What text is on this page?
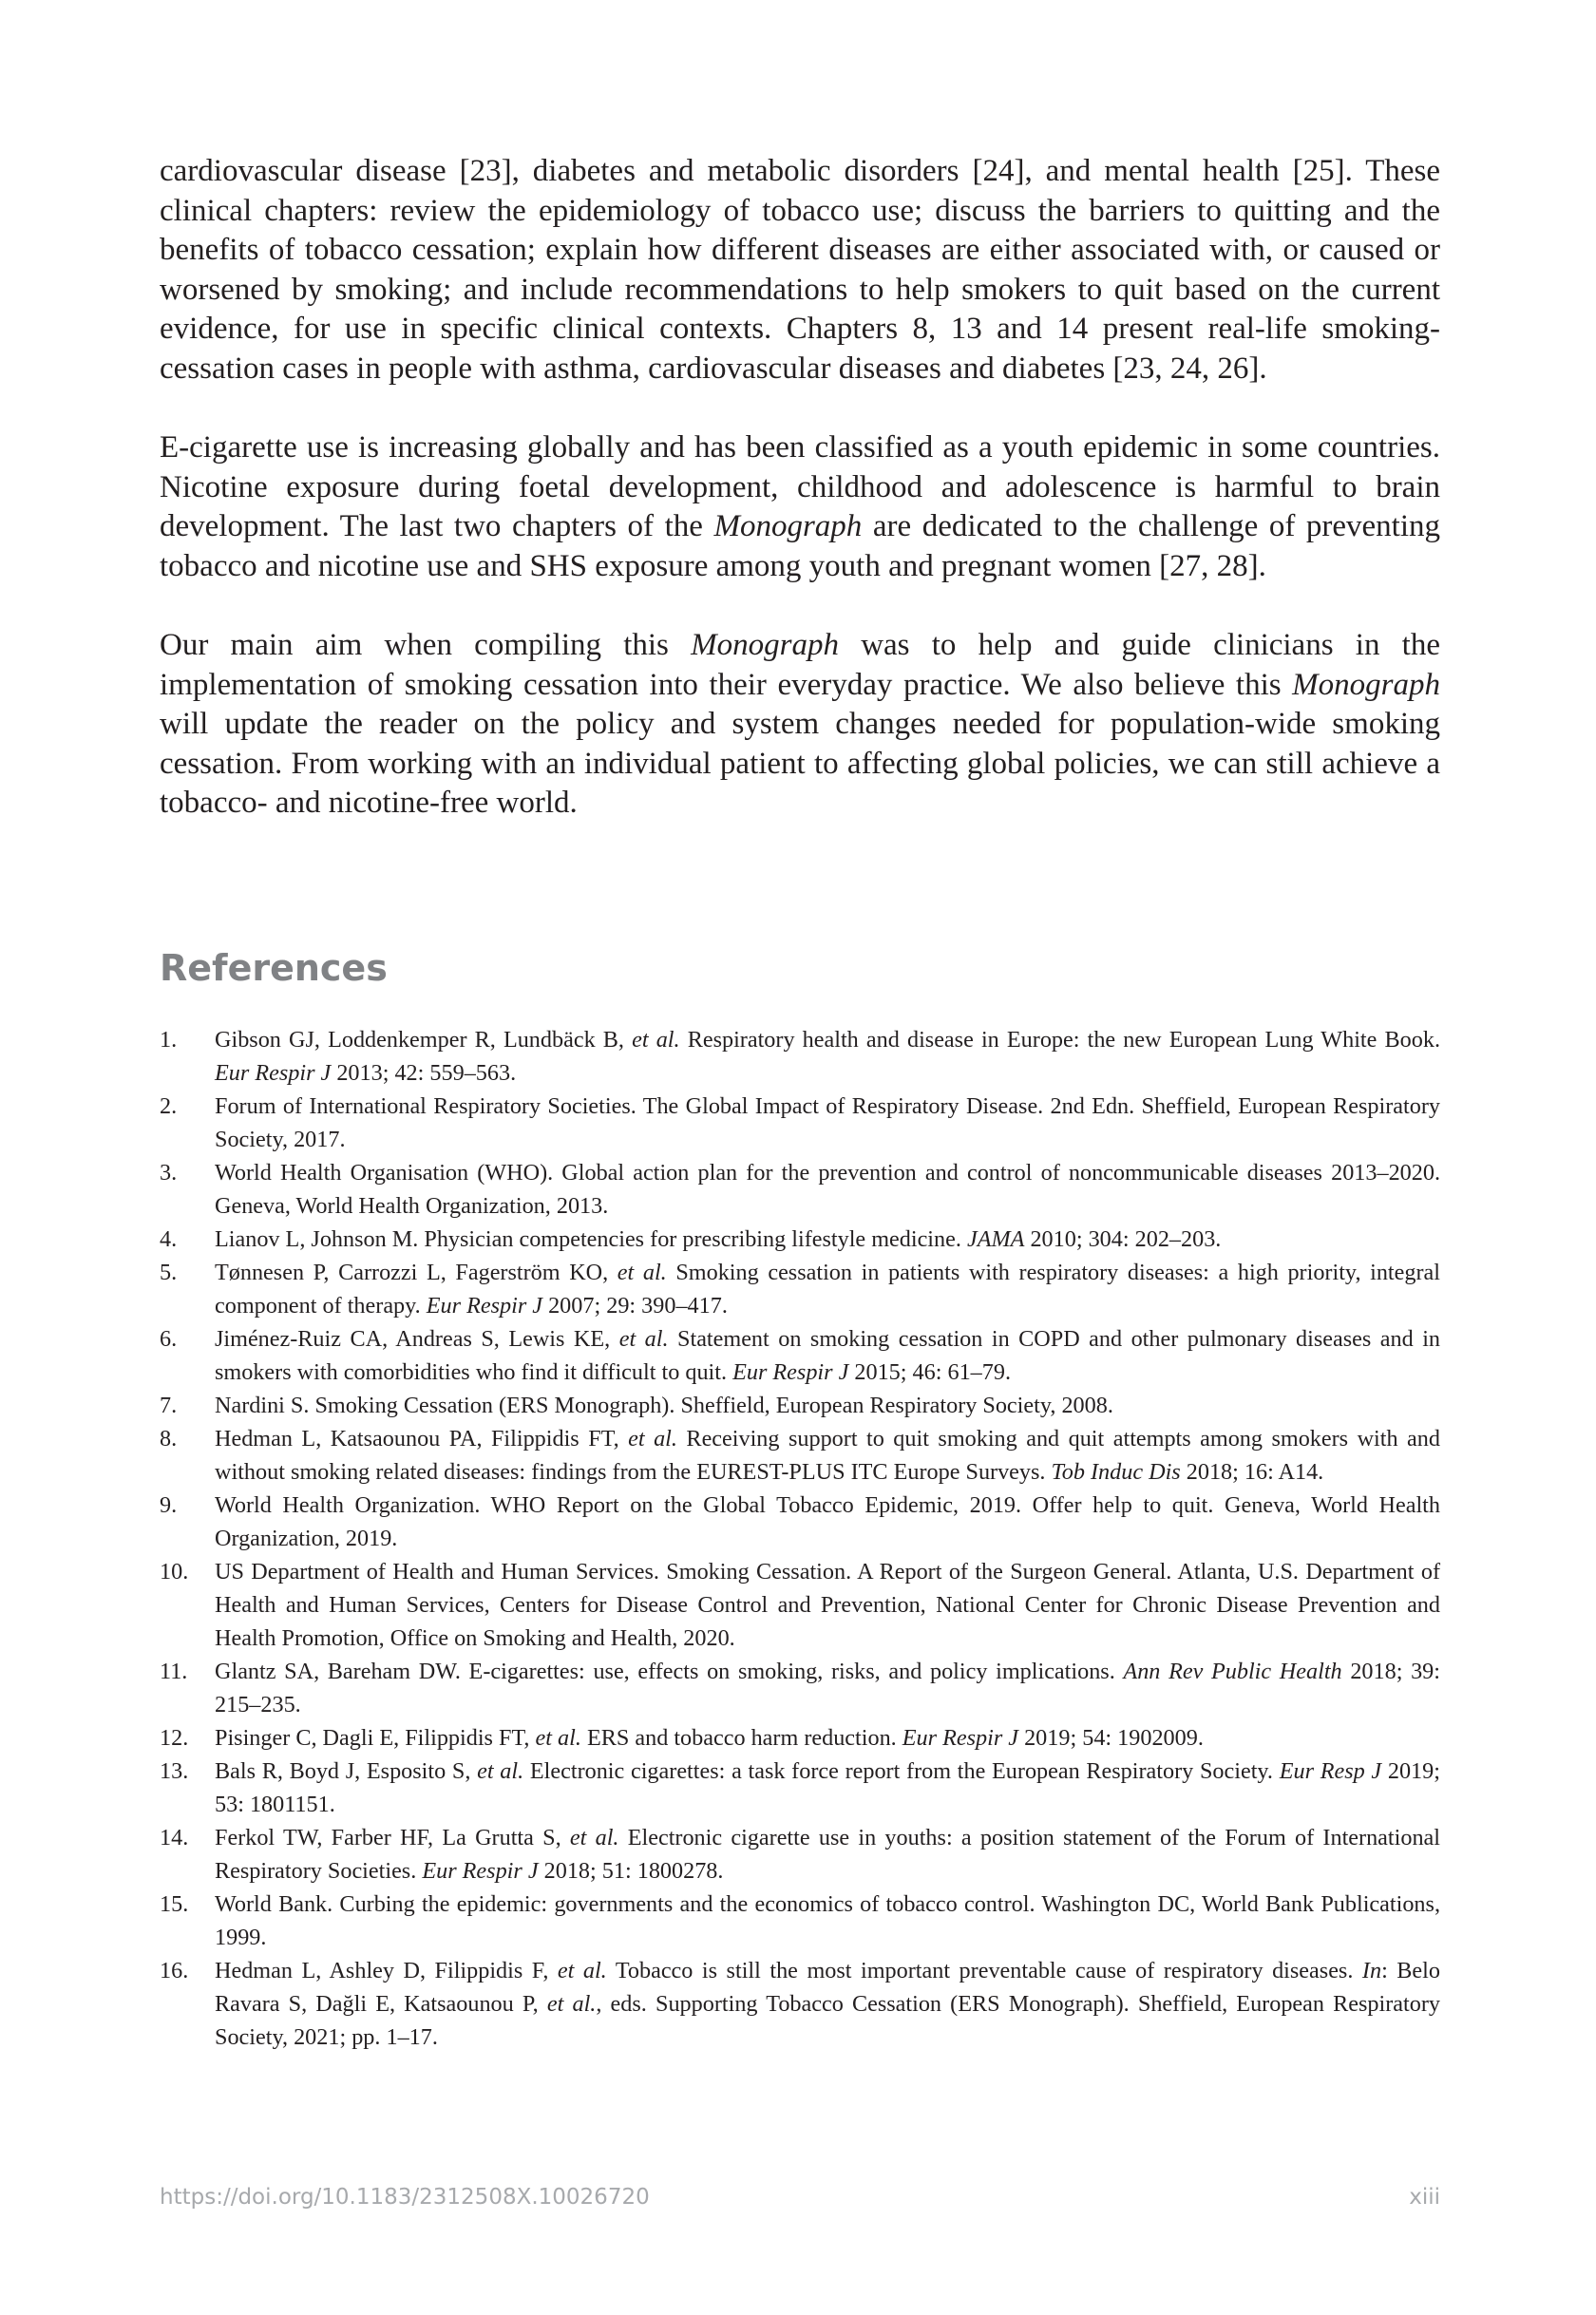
cardiovascular disease [23], diabetes and metabolic disorders [24], and mental health [25]. These clinical chapters: review the epidemiology of tobacco use; discuss the barriers to quitting and the benefits of tobacco cessation; explain how different diseases are either associated with, or caused or worsened by smoking; and include recommendations to help smokers to quit based on the current evidence, for use in specific clinical contexts. Chapters 8, 13 and 14 present real-life smoking-cessation cases in people with asthma, cardiovascular diseases and diabetes [23, 24, 26].

E-cigarette use is increasing globally and has been classified as a youth epidemic in some countries. Nicotine exposure during foetal development, childhood and adolescence is harmful to brain development. The last two chapters of the Monograph are dedicated to the challenge of preventing tobacco and nicotine use and SHS exposure among youth and pregnant women [27, 28].

Our main aim when compiling this Monograph was to help and guide clinicians in the implementation of smoking cessation into their everyday practice. We also believe this Monograph will update the reader on the policy and system changes needed for population-wide smoking cessation. From working with an individual patient to affecting global policies, we can still achieve a tobacco- and nicotine-free world.

References
1.	Gibson GJ, Loddenkemper R, Lundbäck B, et al. Respiratory health and disease in Europe: the new European Lung White Book. Eur Respir J 2013; 42: 559–563.
2.	Forum of International Respiratory Societies. The Global Impact of Respiratory Disease. 2nd Edn. Sheffield, European Respiratory Society, 2017.
3.	World Health Organisation (WHO). Global action plan for the prevention and control of noncommunicable diseases 2013–2020. Geneva, World Health Organization, 2013.
4.	Lianov L, Johnson M. Physician competencies for prescribing lifestyle medicine. JAMA 2010; 304: 202–203.
5.	Tønnesen P, Carrozzi L, Fagerström KO, et al. Smoking cessation in patients with respiratory diseases: a high priority, integral component of therapy. Eur Respir J 2007; 29: 390–417.
6.	Jiménez-Ruiz CA, Andreas S, Lewis KE, et al. Statement on smoking cessation in COPD and other pulmonary diseases and in smokers with comorbidities who find it difficult to quit. Eur Respir J 2015; 46: 61–79.
7.	Nardini S. Smoking Cessation (ERS Monograph). Sheffield, European Respiratory Society, 2008.
8.	Hedman L, Katsaounou PA, Filippidis FT, et al. Receiving support to quit smoking and quit attempts among smokers with and without smoking related diseases: findings from the EUREST-PLUS ITC Europe Surveys. Tob Induc Dis 2018; 16: A14.
9.	World Health Organization. WHO Report on the Global Tobacco Epidemic, 2019. Offer help to quit. Geneva, World Health Organization, 2019.
10.	US Department of Health and Human Services. Smoking Cessation. A Report of the Surgeon General. Atlanta, U.S. Department of Health and Human Services, Centers for Disease Control and Prevention, National Center for Chronic Disease Prevention and Health Promotion, Office on Smoking and Health, 2020.
11.	Glantz SA, Bareham DW. E-cigarettes: use, effects on smoking, risks, and policy implications. Ann Rev Public Health 2018; 39: 215–235.
12.	Pisinger C, Dagli E, Filippidis FT, et al. ERS and tobacco harm reduction. Eur Respir J 2019; 54: 1902009.
13.	Bals R, Boyd J, Esposito S, et al. Electronic cigarettes: a task force report from the European Respiratory Society. Eur Resp J 2019; 53: 1801151.
14.	Ferkol TW, Farber HF, La Grutta S, et al. Electronic cigarette use in youths: a position statement of the Forum of International Respiratory Societies. Eur Respir J 2018; 51: 1800278.
15.	World Bank. Curbing the epidemic: governments and the economics of tobacco control. Washington DC, World Bank Publications, 1999.
16.	Hedman L, Ashley D, Filippidis F, et al. Tobacco is still the most important preventable cause of respiratory diseases. In: Belo Ravara S, Dağli E, Katsaounou P, et al., eds. Supporting Tobacco Cessation (ERS Monograph). Sheffield, European Respiratory Society, 2021; pp. 1–17.
https://doi.org/10.1183/2312508X.10026720	xiii
